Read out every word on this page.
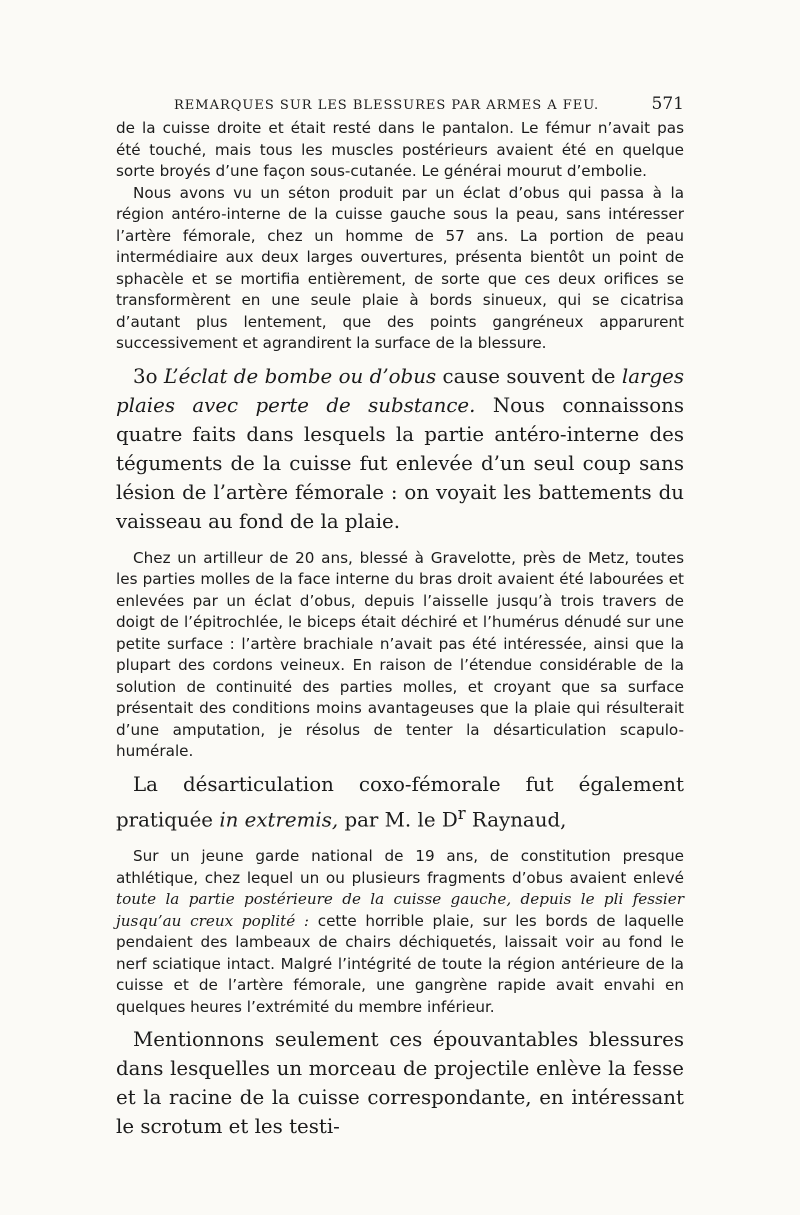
REMARQUES SUR LES BLESSURES PAR ARMES A FEU.	571

de la cuisse droite et était resté dans le pantalon. Le fémur n’avait pas été touché, mais tous les muscles postérieurs avaient été en quelque sorte broyés d’une façon sous-cutanée. Le générai mourut d’embolie.

Nous avons vu un séton produit par un éclat d’obus qui passa à la région antéro-interne de la cuisse gauche sous la peau, sans intéresser l’artère fémorale, chez un homme de 57 ans. La portion de peau intermédiaire aux deux larges ouvertures, présenta bientôt un point de sphacèle et se mortifia entièrement, de sorte que ces deux orifices se transformèrent en une seule plaie à bords sinueux, qui se cicatrisa d’autant plus lentement, que des points gangréneux apparurent successivement et agrandirent la surface de la blessure.

3o L’éclat de bombe ou d’obus cause souvent de larges plaies avec perte de substance. Nous connaissons quatre faits dans lesquels la partie antéro-interne des téguments de la cuisse fut enlevée d’un seul coup sans lésion de l’artère fémorale : on voyait les battements du vaisseau au fond de la plaie.

Chez un artilleur de 20 ans, blessé à Gravelotte, près de Metz, toutes les parties molles de la face interne du bras droit avaient été labourées et enlevées par un éclat d’obus, depuis l’aisselle jusqu’à trois travers de doigt de l’épitrochlée, le biceps était déchiré et l’humérus dénudé sur une petite surface : l’artère brachiale n’avait pas été intéressée, ainsi que la plupart des cordons veineux. En raison de l’étendue considérable de la solution de continuité des parties molles, et croyant que sa surface présentait des conditions moins avantageuses que la plaie qui résulterait d’une amputation, je résolus de tenter la désarticulation scapulo-humérale.

La désarticulation coxo-fémorale fut également pratiquée in extremis, par M. le $D^r$ Raynaud,

Sur un jeune garde national de 19 ans, de constitution presque athlétique, chez lequel un ou plusieurs fragments d’obus avaient enlevé toute la partie postérieure de la cuisse gauche, depuis le pli fessier jusqu’au creux poplité : cette horrible plaie, sur les bords de laquelle pendaient des lambeaux de chairs déchiquetés, laissait voir au fond le nerf sciatique intact. Malgré l’intégrité de toute la région antérieure de la cuisse et de l’artère fémorale, une gangrène rapide avait envahi en quelques heures l’extrémité du membre inférieur.

Mentionnons seulement ces épouvantables blessures dans lesquelles un morceau de projectile enlève la fesse et la racine de la cuisse correspondante, en intéressant le scrotum et les testi-
